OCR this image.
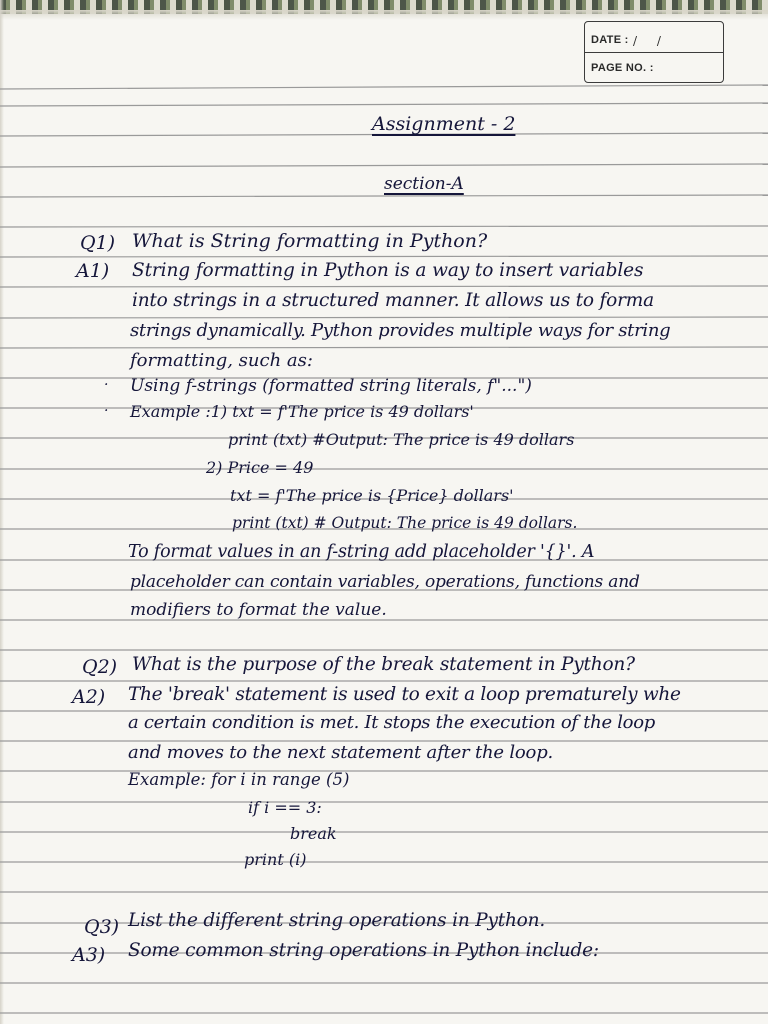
DATE : / /
PAGE NO. :
Assignment - 2
section-A
Q1) What is String formatting in Python?
A1) String formatting in Python is a way to insert variables
into strings in a structured manner. It allows us to forma
strings dynamically. Python provides multiple ways for string
formatting, such as:
· Using f-strings (formatted string literals, f"...")
· Example :1) txt = f'The price is 49 dollars'
print (txt) #Output: The price is 49 dollars
2) Price = 49
txt = f'The price is {Price} dollars'
print (txt) # Output: The price is 49 dollars.
To format values in an f-string add placeholder '{}'. A
placeholder can contain variables, operations, functions and
modifiers to format the value.
Q2) What is the purpose of the break statement in Python?
A2) The 'break' statement is used to exit a loop prematurely whe
a certain condition is met. It stops the execution of the loop
and moves to the next statement after the loop.
Example: for i in range (5)
if i == 3:
break
print (i)
Q3) List the different string operations in Python.
A3) Some common string operations in Python include:
